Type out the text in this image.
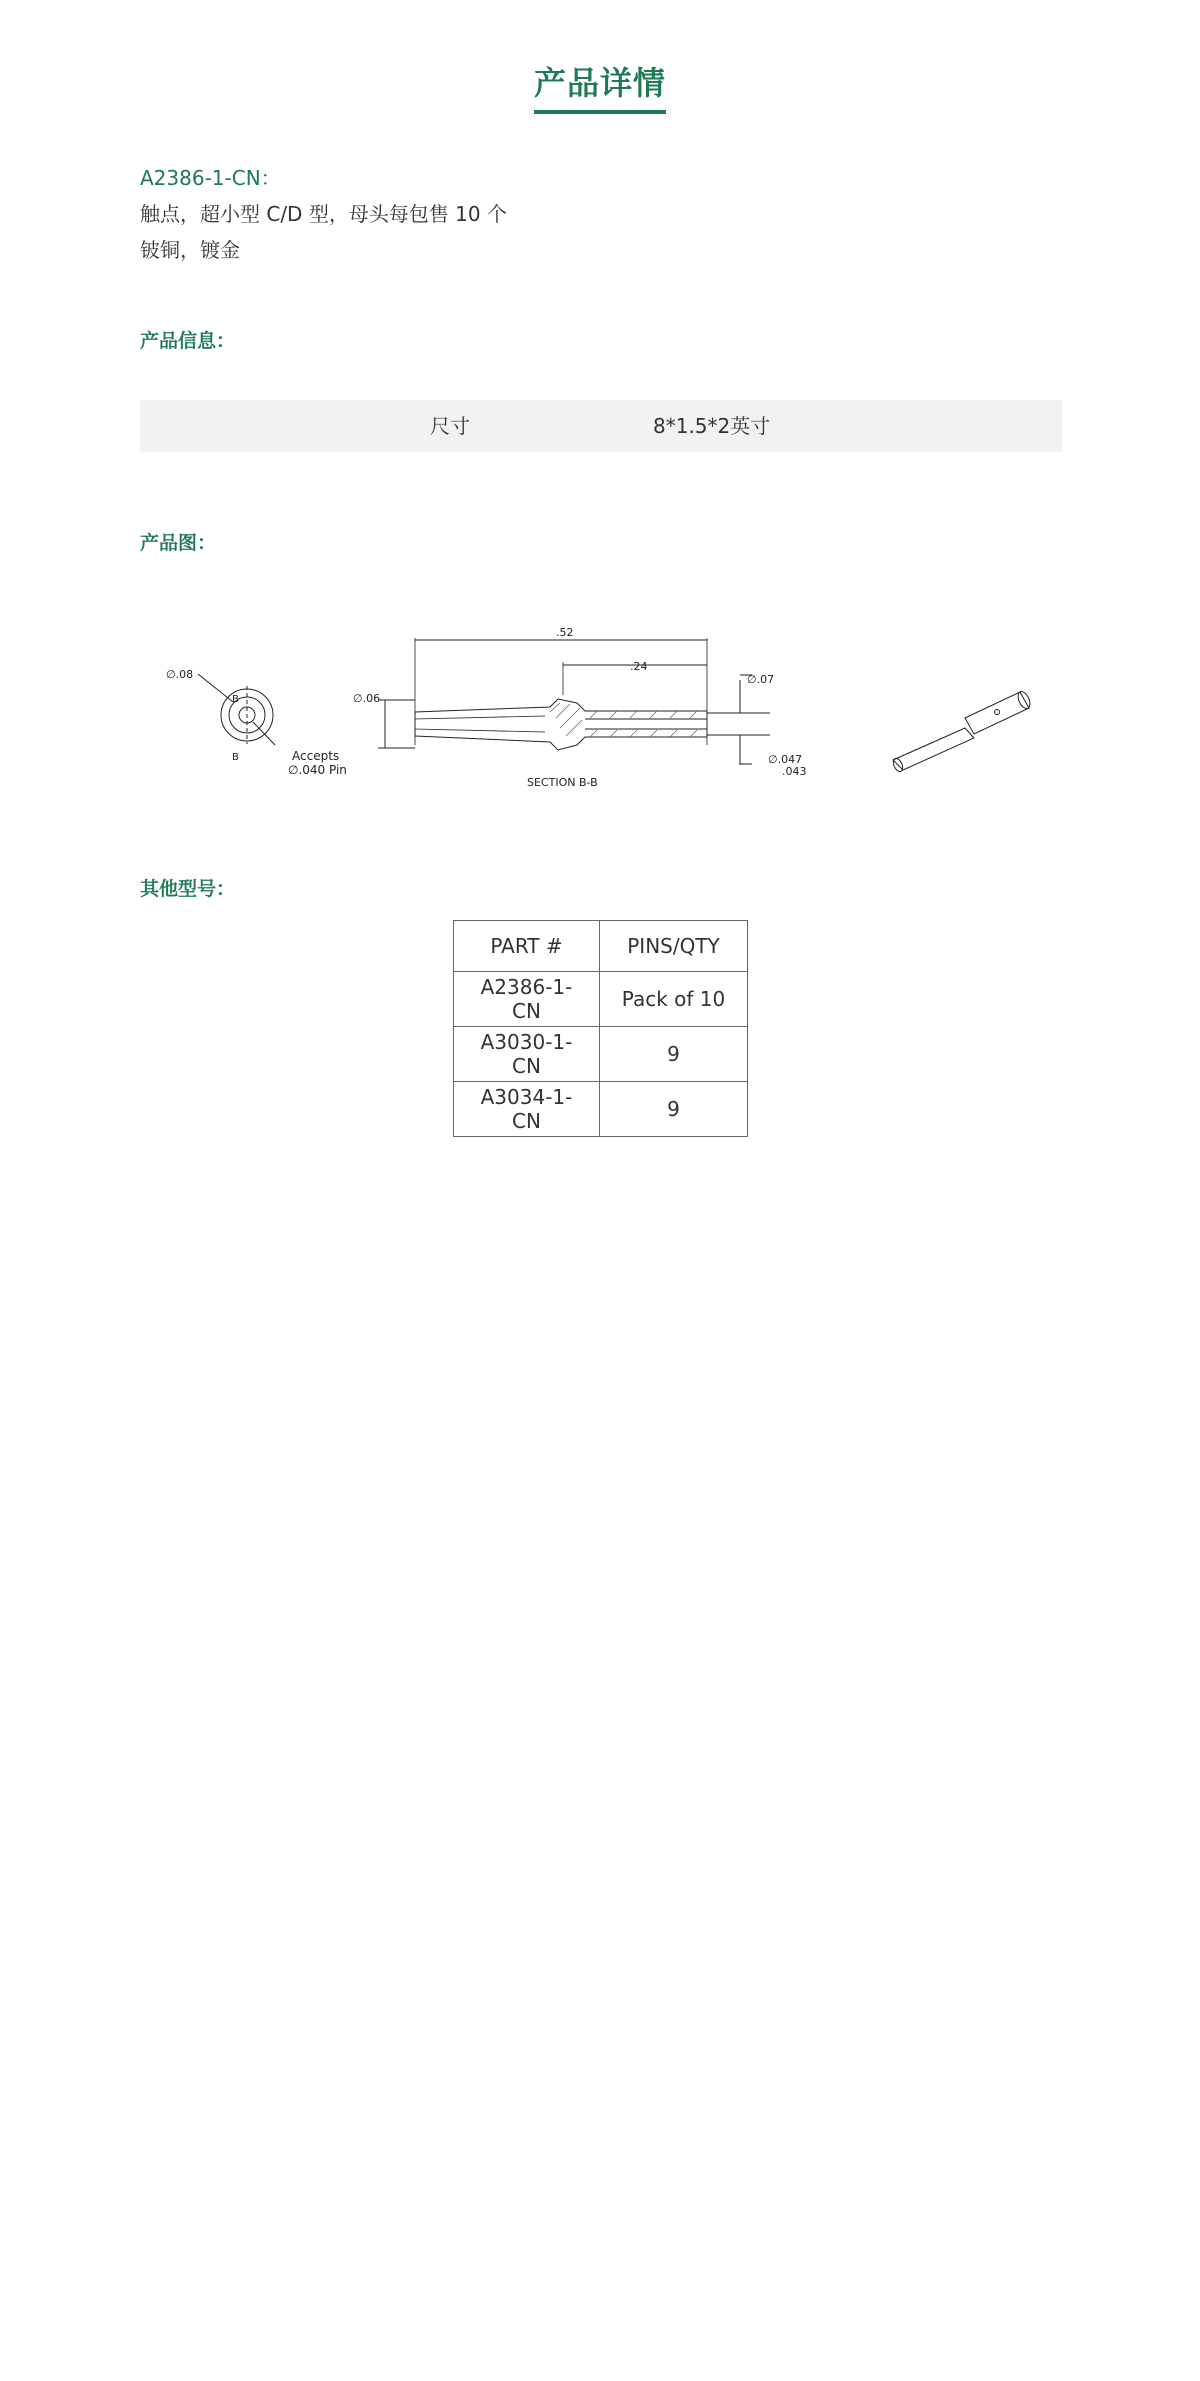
产品详情
A2386-1-CN：
触点，超小型 C/D 型，母头每包售 10 个
铍铜，镀金
产品信息：
尺寸	8*1.5*2英寸
产品图：
∅.08
B
B	Accepts
∅.040 Pin
∅.06
.52
.24
∅.07
∅.047
.043
SECTION B-B
其他型号：
PART #	PINS/QTY
A2386-1-CN	Pack of 10
A3030-1-CN	9
A3034-1-CN	9
